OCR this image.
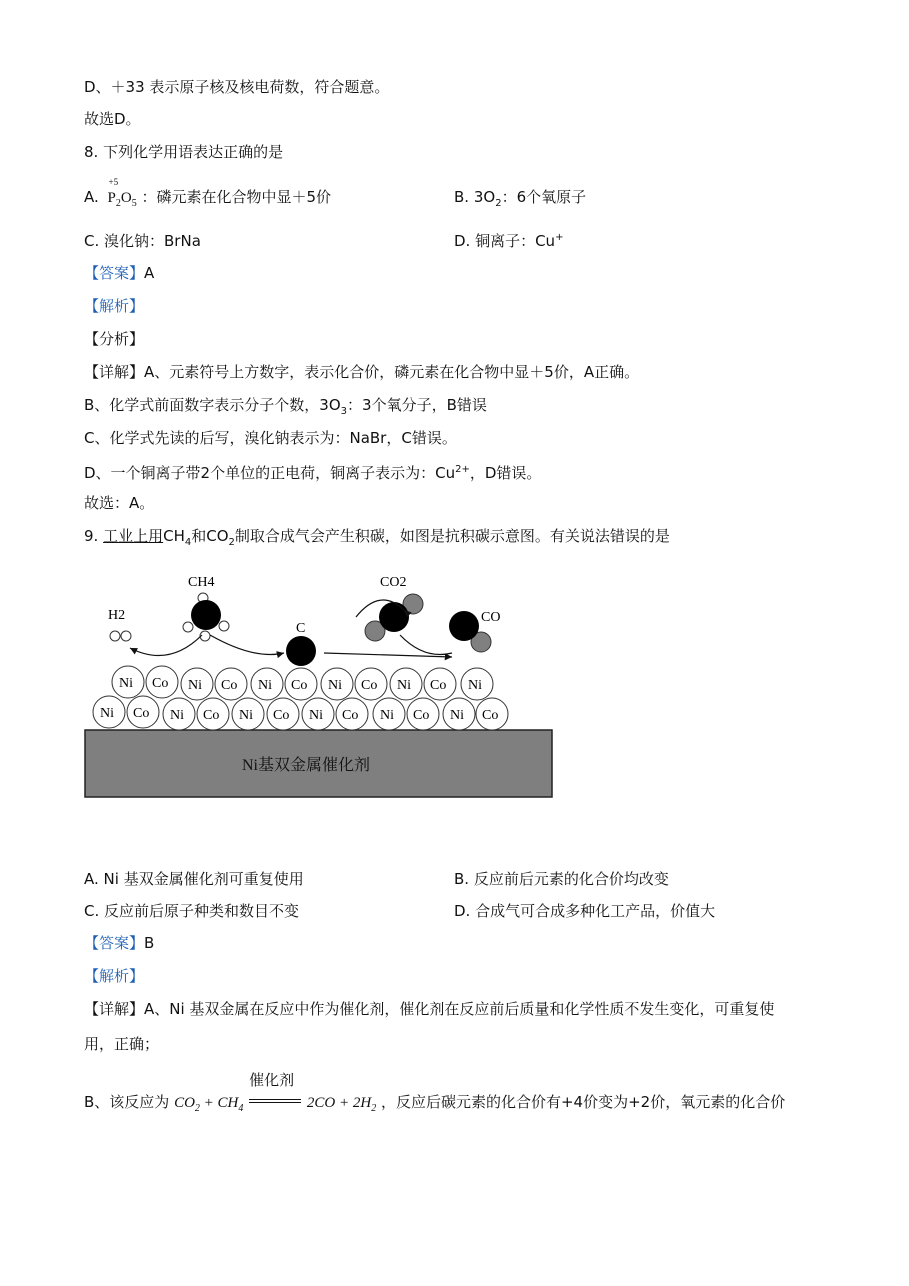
D、＋33 表示原子核及核电荷数，符合题意。
故选D。
8. 下列化学用语表达正确的是
A.
+5
$P_2O_5$ ：磷元素在化合物中显＋5价	B. $3O_2$：6个氧原子
C. 溴化钠：BrNa	D. 铜离子：Cu+
【答案】A
【解析】
【分析】
【详解】A、元素符号上方数字，表示化合价，磷元素在化合物中显＋5价，A正确。
B、化学式前面数字表示分子个数，$3O_3$：3个氧分子，B错误
C、化学式先读的后写，溴化钠表示为：NaBr，C错误。
D、一个铜离子带2个单位的正电荷，铜离子表示为：$Cu^{2+}$，D错误。
故选：A。
9. 工业上用$CH_4$和$CO_2$制取合成气会产生积碳，如图是抗积碳示意图。有关说法错误的是
Ni基双金属催化剂
Ni Co Ni Co Ni Co Ni Co Ni Co Ni Co
Ni Co Ni Co Ni Co Ni Co Ni Co Ni
H2
CH4
C
CO2
CO
A. Ni 基双金属催化剂可重复使用	B. 反应前后元素的化合价均改变
C. 反应前后原子种类和数目不变	D. 合成气可合成多种化工产品，价值大
【答案】B
【解析】
【详解】A、Ni 基双金属在反应中作为催化剂，催化剂在反应前后质量和化学性质不发生变化，可重复使
用，正确；
B、该反应为 $CO_2 + CH_4$
催化剂
$2CO + 2H_2$ ，反应后碳元素的化合价有+4价变为+2价，氧元素的化合价
